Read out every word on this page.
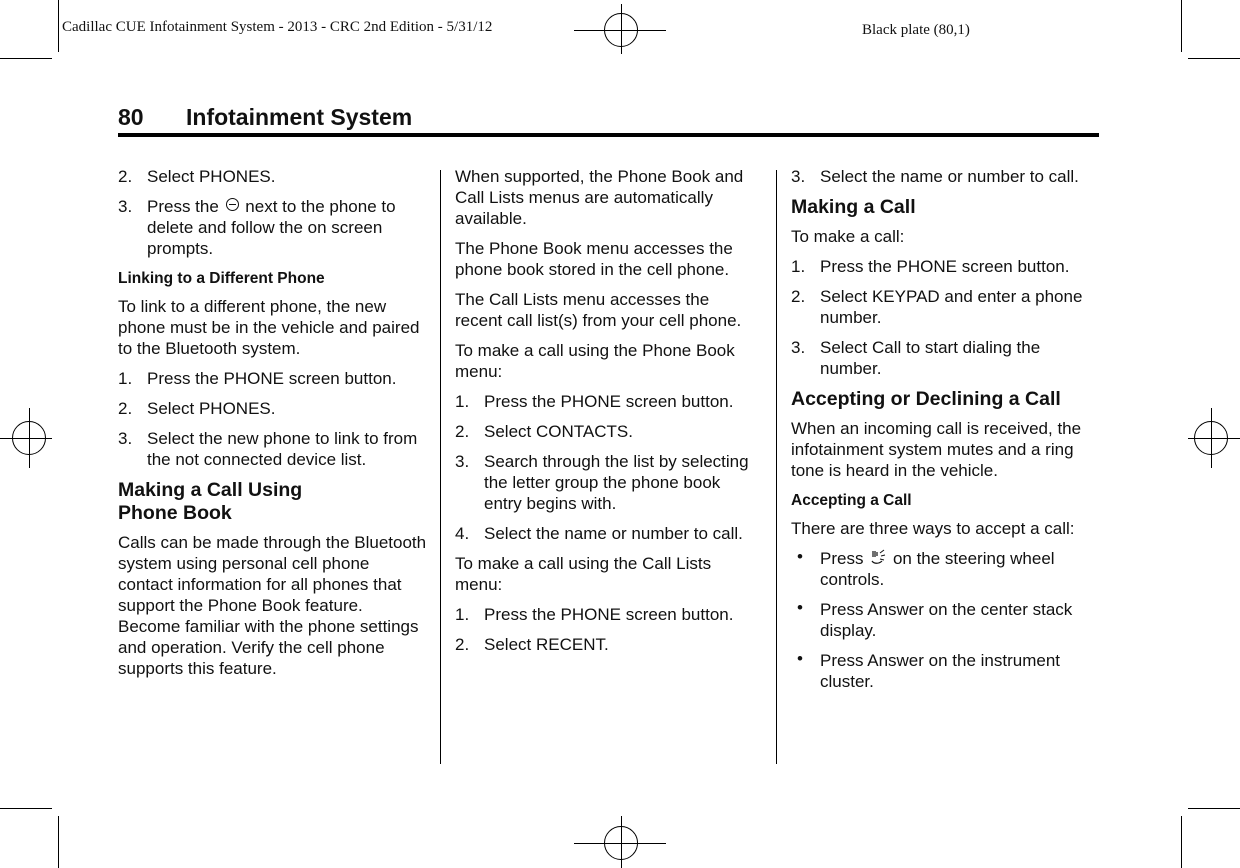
Cadillac CUE Infotainment System - 2013 - CRC 2nd Edition - 5/31/12	Black plate (80,1)
80 Infotainment System
2. Select PHONES.
3. Press the next to the phone to delete and follow the on screen prompts.
Linking to a Different Phone

To link to a different phone, the new phone must be in the vehicle and paired to the Bluetooth system.

1. Press the PHONE screen button.
2. Select PHONES.
3. Select the new phone to link to from the not connected device list.
Making a Call Using
Phone Book

Calls can be made through the Bluetooth system using personal cell phone contact information for all phones that support the Phone Book feature. Become familiar with the phone settings and operation. Verify the cell phone supports this feature.

When supported, the Phone Book and Call Lists menus are automatically available.

The Phone Book menu accesses the phone book stored in the cell phone.

The Call Lists menu accesses the recent call list(s) from your cell phone.

To make a call using the Phone Book menu:

1. Press the PHONE screen button.
2. Select CONTACTS.
3. Search through the list by selecting the letter group the phone book entry begins with.
4. Select the name or number to call.

To make a call using the Call Lists menu:

1. Press the PHONE screen button.
2. Select RECENT.
3. Select the name or number to call.
Making a Call

To make a call:

1. Press the PHONE screen button.
2. Select KEYPAD and enter a phone number.
3. Select Call to start dialing the number.
Accepting or Declining a Call

When an incoming call is received, the infotainment system mutes and a ring tone is heard in the vehicle.

Accepting a Call

There are three ways to accept a call:

• Press on the steering wheel controls.
• Press Answer on the center stack display.
• Press Answer on the instrument cluster.
